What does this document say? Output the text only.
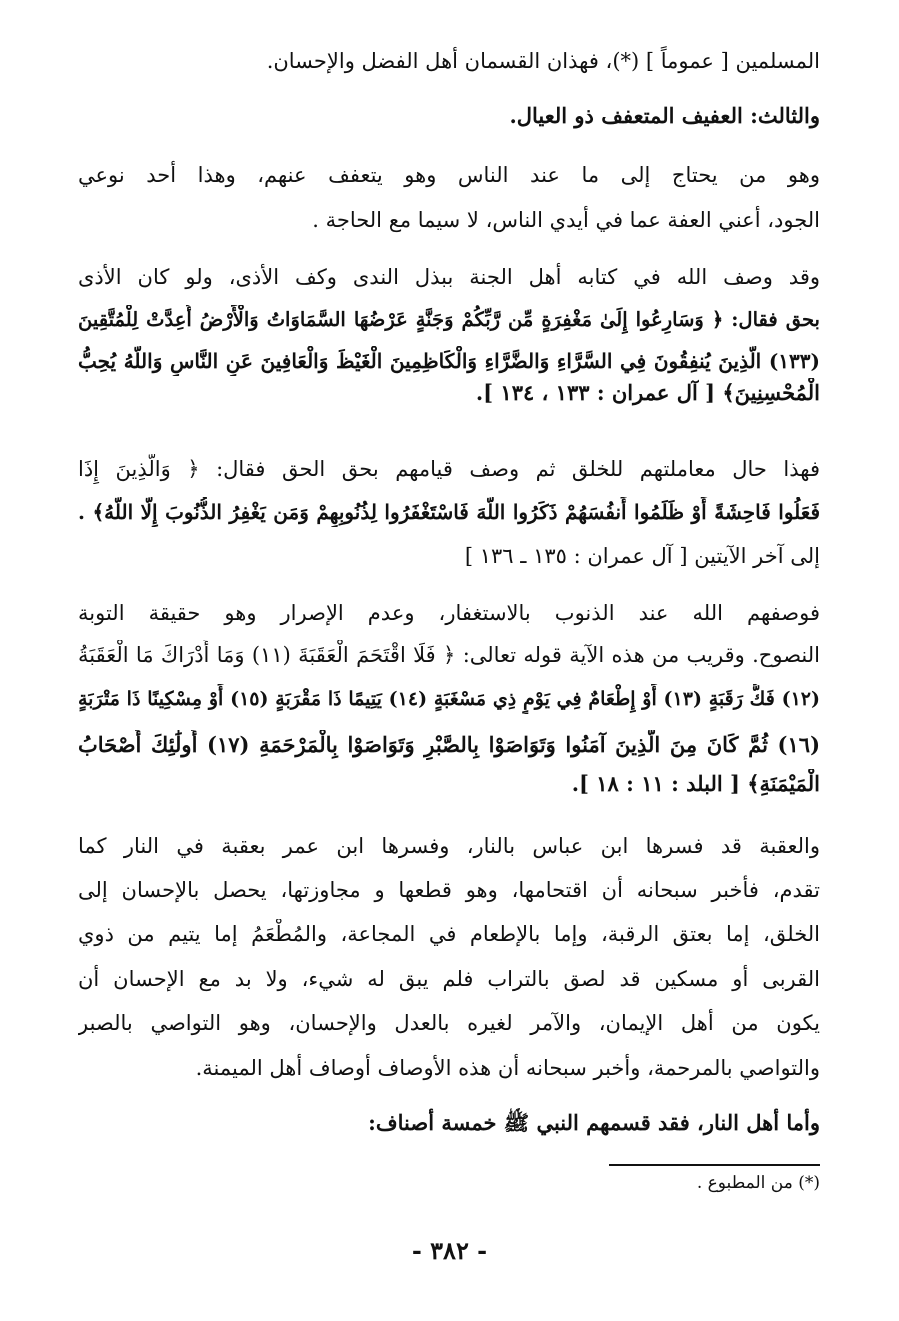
المسلمين [ عموماً ] (*)، فهذان القسمان أهل الفضل والإحسان.
والثالث: العفيف المتعفف ذو العيال.
وهو من يحتاج إلى ما عند الناس وهو يتعفف عنهم، وهذا أحد نوعي
الجود، أعني العفة عما في أيدي الناس، لا سيما مع الحاجة .
وقد وصف الله في كتابه أهل الجنة ببذل الندى وكف الأذى، ولو كان الأذى
بحق فقال: ﴿ وَسَارِعُوا إِلَىٰ مَغْفِرَةٍ مِّن رَّبِّكُمْ وَجَنَّةٍ عَرْضُهَا السَّمَاوَاتُ وَالْأَرْضُ أُعِدَّتْ لِلْمُتَّقِينَ
(١٣٣) الَّذِينَ يُنفِقُونَ فِي السَّرَّاءِ وَالضَّرَّاءِ وَالْكَاظِمِينَ الْغَيْظَ وَالْعَافِينَ عَنِ النَّاسِ وَاللَّهُ يُحِبُّ
الْمُحْسِنِينَ﴾ [ آل عمران : ١٣٣ ، ١٣٤ ].
فهذا حال معاملتهم للخلق ثم وصف قيامهم بحق الحق فقال: ﴿ وَالَّذِينَ إِذَا
فَعَلُوا فَاحِشَةً أَوْ ظَلَمُوا أَنفُسَهُمْ ذَكَرُوا اللَّهَ فَاسْتَغْفَرُوا لِذُنُوبِهِمْ وَمَن يَغْفِرُ الذُّنُوبَ إِلَّا اللَّهُ﴾ .
إلى آخر الآيتين [ آل عمران : ١٣٥ ـ ١٣٦ ]
فوصفهم الله عند الذنوب بالاستغفار، وعدم الإصرار وهو حقيقة التوبة
النصوح. وقريب من هذه الآية قوله تعالى: ﴿ فَلَا اقْتَحَمَ الْعَقَبَةَ (١١) وَمَا أَدْرَاكَ مَا الْعَقَبَةُ
(١٢) فَكُّ رَقَبَةٍ (١٣) أَوْ إِطْعَامٌ فِي يَوْمٍ ذِي مَسْغَبَةٍ (١٤) يَتِيمًا ذَا مَقْرَبَةٍ (١٥) أَوْ مِسْكِينًا ذَا مَتْرَبَةٍ
(١٦) ثُمَّ كَانَ مِنَ الَّذِينَ آمَنُوا وَتَوَاصَوْا بِالصَّبْرِ وَتَوَاصَوْا بِالْمَرْحَمَةِ (١٧) أُولَٰئِكَ أَصْحَابُ
الْمَيْمَنَةِ﴾ [ البلد : ١١ : ١٨ ].
والعقبة قد فسرها ابن عباس بالنار، وفسرها ابن عمر بعقبة في النار كما
تقدم، فأخبر سبحانه أن اقتحامها، وهو قطعها و مجاوزتها، يحصل بالإحسان إلى
الخلق، إما بعتق الرقبة، وإما بالإطعام في المجاعة، والمُطْعَمُ إما يتيم من ذوي
القربى أو مسكين قد لصق بالتراب فلم يبق له شيء، ولا بد مع الإحسان أن
يكون من أهل الإيمان، والآمر لغيره بالعدل والإحسان، وهو التواصي بالصبر
والتواصي بالمرحمة، وأخبر سبحانه أن هذه الأوصاف أوصاف أهل الميمنة.
وأما أهل النار، فقد قسمهم النبي ﷺ خمسة أصناف:
(*) من المطبوع .
- ٣٨٢ -
